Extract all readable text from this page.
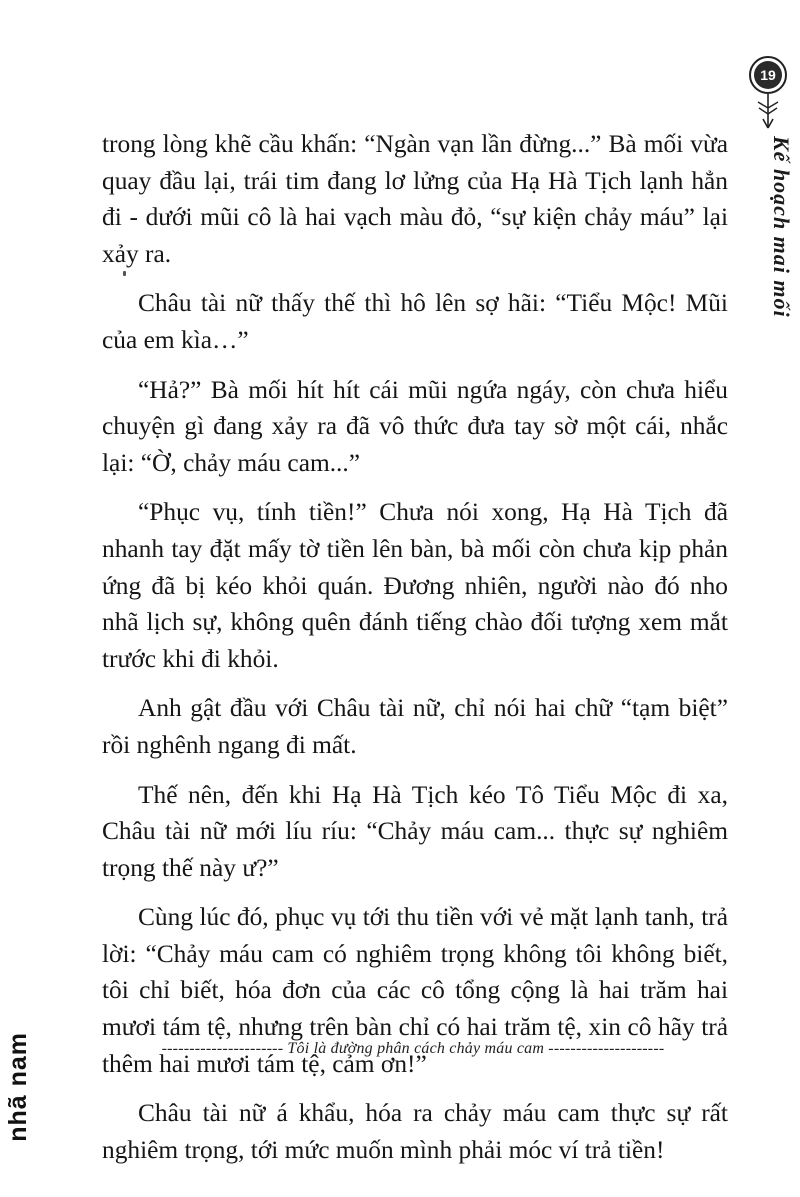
19
Kế hoạch mai mối

trong lòng khẽ cầu khấn: “Ngàn vạn lần đừng...” Bà mối vừa quay đầu lại, trái tim đang lơ lửng của Hạ Hà Tịch lạnh hẳn đi - dưới mũi cô là hai vạch màu đỏ, “sự kiện chảy máu” lại xảy ra.

Châu tài nữ thấy thế thì hô lên sợ hãi: “Tiểu Mộc! Mũi của em kìa…”

“Hả?” Bà mối hít hít cái mũi ngứa ngáy, còn chưa hiểu chuyện gì đang xảy ra đã vô thức đưa tay sờ một cái, nhắc lại: “Ờ, chảy máu cam...”

“Phục vụ, tính tiền!” Chưa nói xong, Hạ Hà Tịch đã nhanh tay đặt mấy tờ tiền lên bàn, bà mối còn chưa kịp phản ứng đã bị kéo khỏi quán. Đương nhiên, người nào đó nho nhã lịch sự, không quên đánh tiếng chào đối tượng xem mắt trước khi đi khỏi.

Anh gật đầu với Châu tài nữ, chỉ nói hai chữ “tạm biệt” rồi nghênh ngang đi mất.

Thế nên, đến khi Hạ Hà Tịch kéo Tô Tiểu Mộc đi xa, Châu tài nữ mới líu ríu: “Chảy máu cam... thực sự nghiêm trọng thế này ư?”

Cùng lúc đó, phục vụ tới thu tiền với vẻ mặt lạnh tanh, trả lời: “Chảy máu cam có nghiêm trọng không tôi không biết, tôi chỉ biết, hóa đơn của các cô tổng cộng là hai trăm hai mươi tám tệ, nhưng trên bàn chỉ có hai trăm tệ, xin cô hãy trả thêm hai mươi tám tệ, cảm ơn!”

Châu tài nữ á khẩu, hóa ra chảy máu cam thực sự rất nghiêm trọng, tới mức muốn mình phải móc ví trả tiền!

---------------------- Tôi là đường phân cách chảy máu cam ---------------------
nhã nam
